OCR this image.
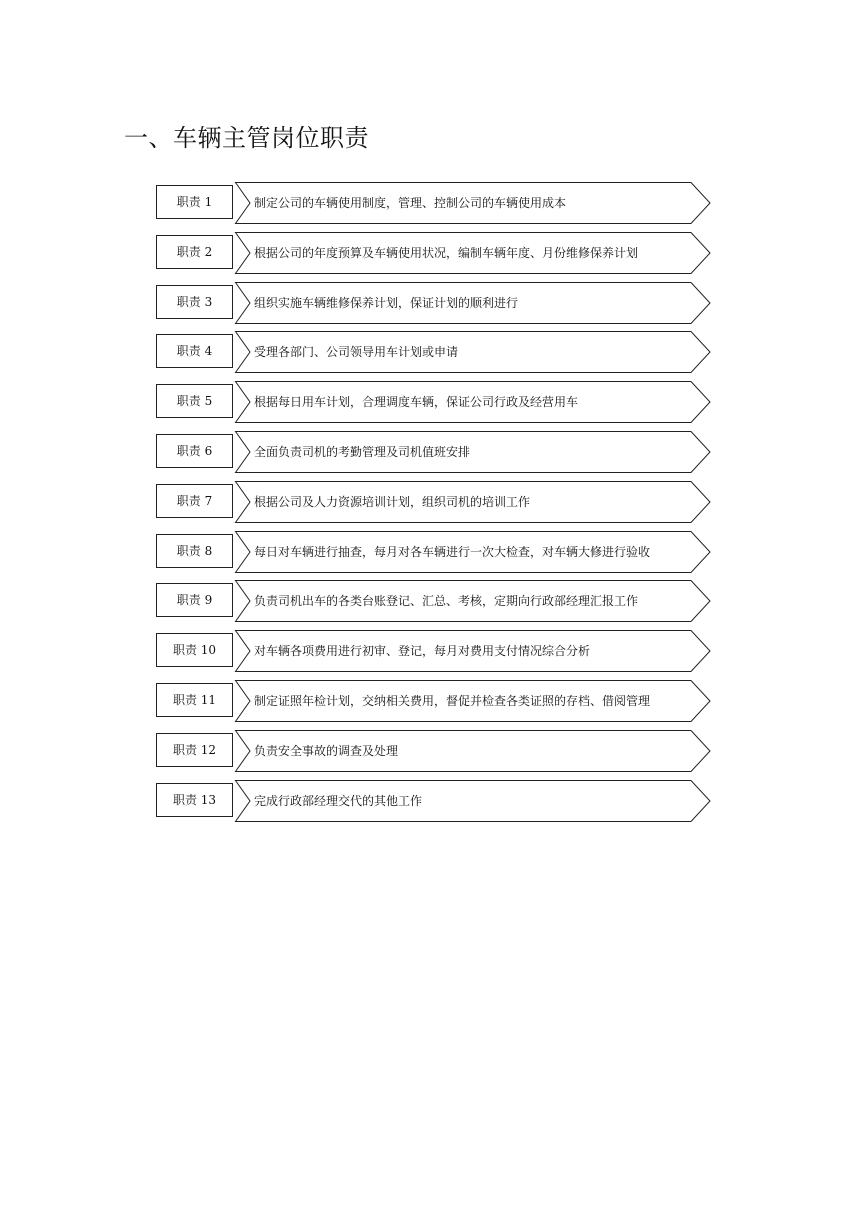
一、车辆主管岗位职责
职责 1	制定公司的车辆使用制度，管理、控制公司的车辆使用成本
职责 2	根据公司的年度预算及车辆使用状况，编制车辆年度、月份维修保养计划
职责 3	组织实施车辆维修保养计划，保证计划的顺利进行
职责 4	受理各部门、公司领导用车计划或申请
职责 5	根据每日用车计划，合理调度车辆，保证公司行政及经营用车
职责 6	全面负责司机的考勤管理及司机值班安排
职责 7	根据公司及人力资源培训计划，组织司机的培训工作
职责 8	每日对车辆进行抽查，每月对各车辆进行一次大检查，对车辆大修进行验收
职责 9	负责司机出车的各类台账登记、汇总、考核，定期向行政部经理汇报工作
职责 10	对车辆各项费用进行初审、登记，每月对费用支付情况综合分析
职责 11	制定证照年检计划，交纳相关费用，督促并检查各类证照的存档、借阅管理
职责 12	负责安全事故的调查及处理
职责 13	完成行政部经理交代的其他工作
